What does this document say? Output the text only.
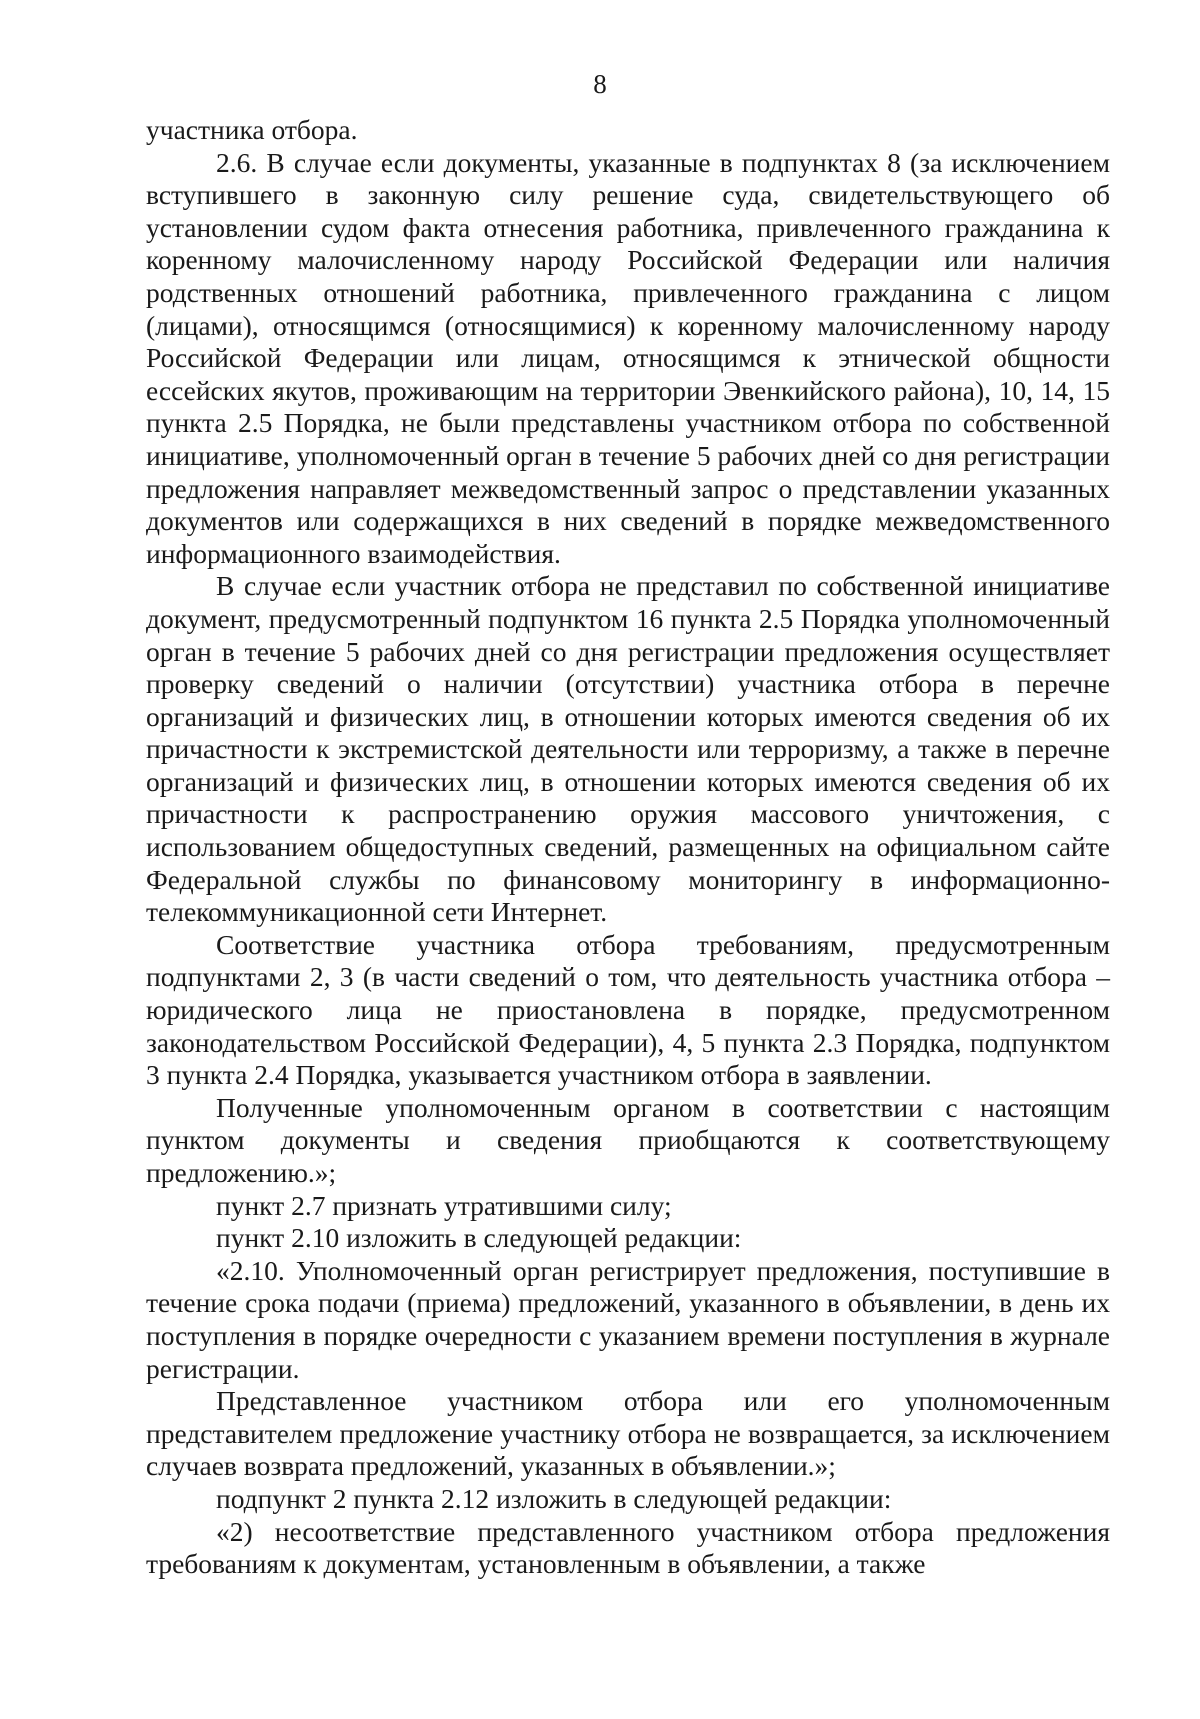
8

участника отбора.

2.6. В случае если документы, указанные в подпунктах 8 (за исключением вступившего в законную силу решение суда, свидетельствующего об установлении судом факта отнесения работника, привлеченного гражданина к коренному малочисленному народу Российской Федерации или наличия родственных отношений работника, привлеченного гражданина с лицом (лицами), относящимся (относящимися) к коренному малочисленному народу Российской Федерации или лицам, относящимся к этнической общности ессейских якутов, проживающим на территории Эвенкийского района), 10, 14, 15 пункта 2.5 Порядка, не были представлены участником отбора по собственной инициативе, уполномоченный орган в течение 5 рабочих дней со дня регистрации предложения направляет межведомственный запрос о представлении указанных документов или содержащихся в них сведений в порядке межведомственного информационного взаимодействия.

В случае если участник отбора не представил по собственной инициативе документ, предусмотренный подпунктом 16 пункта 2.5 Порядка уполномоченный орган в течение 5 рабочих дней со дня регистрации предложения осуществляет проверку сведений о наличии (отсутствии) участника отбора в перечне организаций и физических лиц, в отношении которых имеются сведения об их причастности к экстремистской деятельности или терроризму, а также в перечне организаций и физических лиц, в отношении которых имеются сведения об их причастности к распространению оружия массового уничтожения, с использованием общедоступных сведений, размещенных на официальном сайте Федеральной службы по финансовому мониторингу в информационно-телекоммуникационной сети Интернет.

Соответствие участника отбора требованиям, предусмотренным подпунктами 2, 3 (в части сведений о том, что деятельность участника отбора – юридического лица не приостановлена в порядке, предусмотренном законодательством Российской Федерации), 4, 5 пункта 2.3 Порядка, подпунктом 3 пункта 2.4 Порядка, указывается участником отбора в заявлении.

Полученные уполномоченным органом в соответствии с настоящим пунктом документы и сведения приобщаются к соответствующему предложению.»;

пункт 2.7 признать утратившими силу;

пункт 2.10 изложить в следующей редакции:

«2.10. Уполномоченный орган регистрирует предложения, поступившие в течение срока подачи (приема) предложений, указанного в объявлении, в день их поступления в порядке очередности с указанием времени поступления в журнале регистрации.

Представленное участником отбора или его уполномоченным представителем предложение участнику отбора не возвращается, за исключением случаев возврата предложений, указанных в объявлении.»;

подпункт 2 пункта 2.12 изложить в следующей редакции:

«2) несоответствие представленного участником отбора предложения требованиям к документам, установленным в объявлении, а также
